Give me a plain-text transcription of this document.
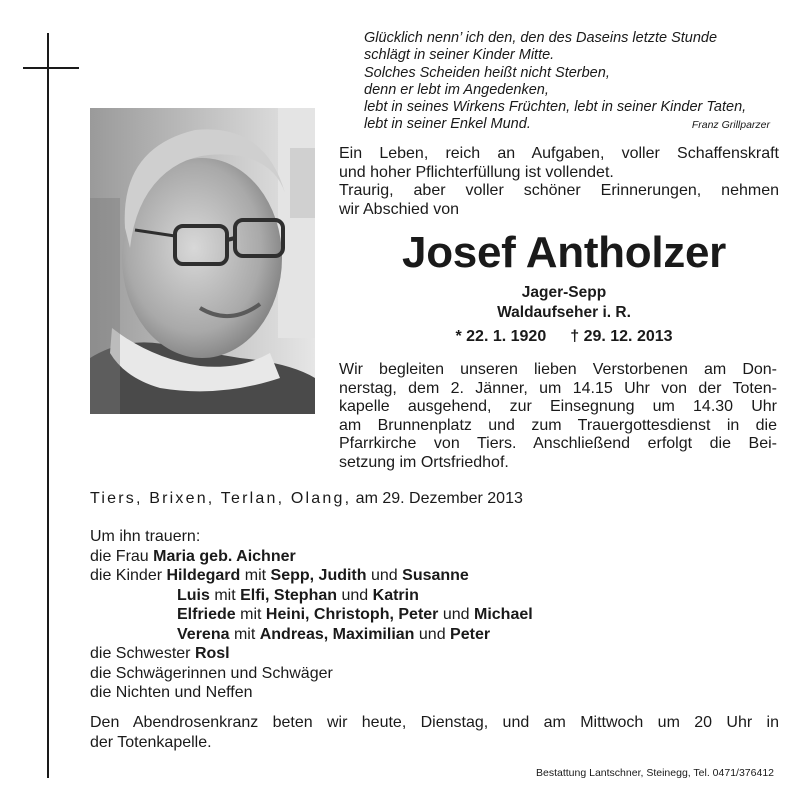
Glücklich nenn’ ich den, den des Daseins letzte Stunde
schlägt in seiner Kinder Mitte.
Solches Scheiden heißt nicht Sterben,
denn er lebt im Angedenken,
lebt in seines Wirkens Früchten, lebt in seiner Kinder Taten,
lebt in seiner Enkel Mund.	Franz Grillparzer
Ein Leben, reich an Aufgaben, voller Schaffenskraft
und hoher Pflichterfüllung ist vollendet.
Traurig, aber voller schöner Erinnerungen, nehmen
wir Abschied von
Josef Antholzer
Jager-Sepp
Waldaufseher i. R.
* 22. 1. 1920 † 29. 12. 2013
Wir begleiten unseren lieben Verstorbenen am Don-
nerstag, dem 2. Jänner, um 14.15 Uhr von der Toten-
kapelle ausgehend, zur Einsegnung um 14.30 Uhr
am Brunnenplatz und zum Trauergottesdienst in die
Pfarrkirche von Tiers. Anschließend erfolgt die Bei-
setzung im Ortsfriedhof.
Tiers, Brixen, Terlan, Olang, am 29. Dezember 2013
Um ihn trauern:
die Frau Maria geb. Aichner
die Kinder Hildegard mit Sepp, Judith und Susanne
Luis mit Elfi, Stephan und Katrin
Elfriede mit Heini, Christoph, Peter und Michael
Verena mit Andreas, Maximilian und Peter
die Schwester Rosl
die Schwägerinnen und Schwäger
die Nichten und Neffen
Den Abendrosenkranz beten wir heute, Dienstag, und am Mittwoch um 20 Uhr in
der Totenkapelle.
Bestattung Lantschner, Steinegg, Tel. 0471/376412
